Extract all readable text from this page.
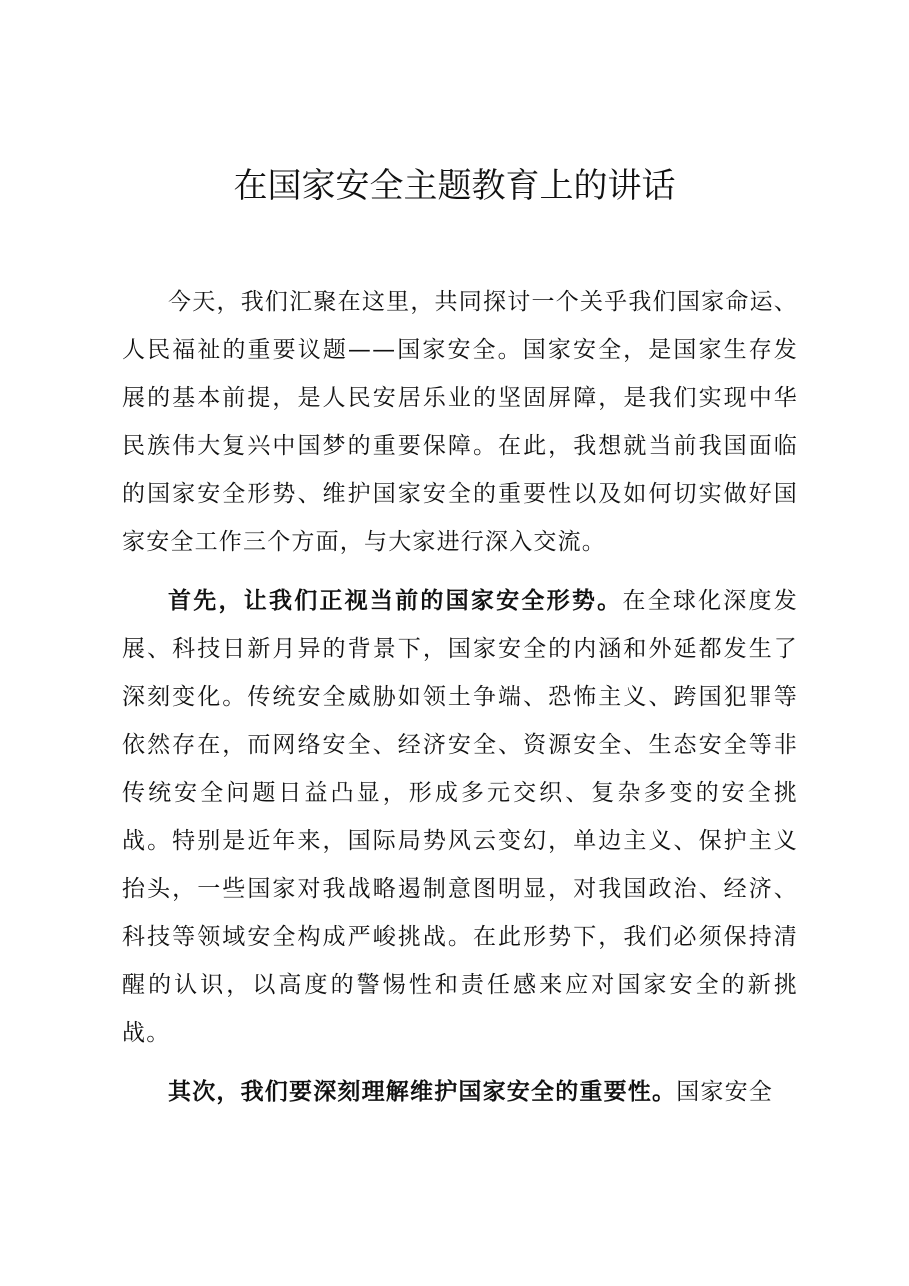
在国家安全主题教育上的讲话

今天，我们汇聚在这里，共同探讨一个关乎我们国家命运、人民福祉的重要议题——国家安全。国家安全，是国家生存发展的基本前提，是人民安居乐业的坚固屏障，是我们实现中华民族伟大复兴中国梦的重要保障。在此，我想就当前我国面临的国家安全形势、维护国家安全的重要性以及如何切实做好国家安全工作三个方面，与大家进行深入交流。

首先，让我们正视当前的国家安全形势。在全球化深度发展、科技日新月异的背景下，国家安全的内涵和外延都发生了深刻变化。传统安全威胁如领土争端、恐怖主义、跨国犯罪等依然存在，而网络安全、经济安全、资源安全、生态安全等非传统安全问题日益凸显，形成多元交织、复杂多变的安全挑战。特别是近年来，国际局势风云变幻，单边主义、保护主义抬头，一些国家对我战略遏制意图明显，对我国政治、经济、科技等领域安全构成严峻挑战。在此形势下，我们必须保持清醒的认识，以高度的警惕性和责任感来应对国家安全的新挑战。

其次，我们要深刻理解维护国家安全的重要性。国家安全
